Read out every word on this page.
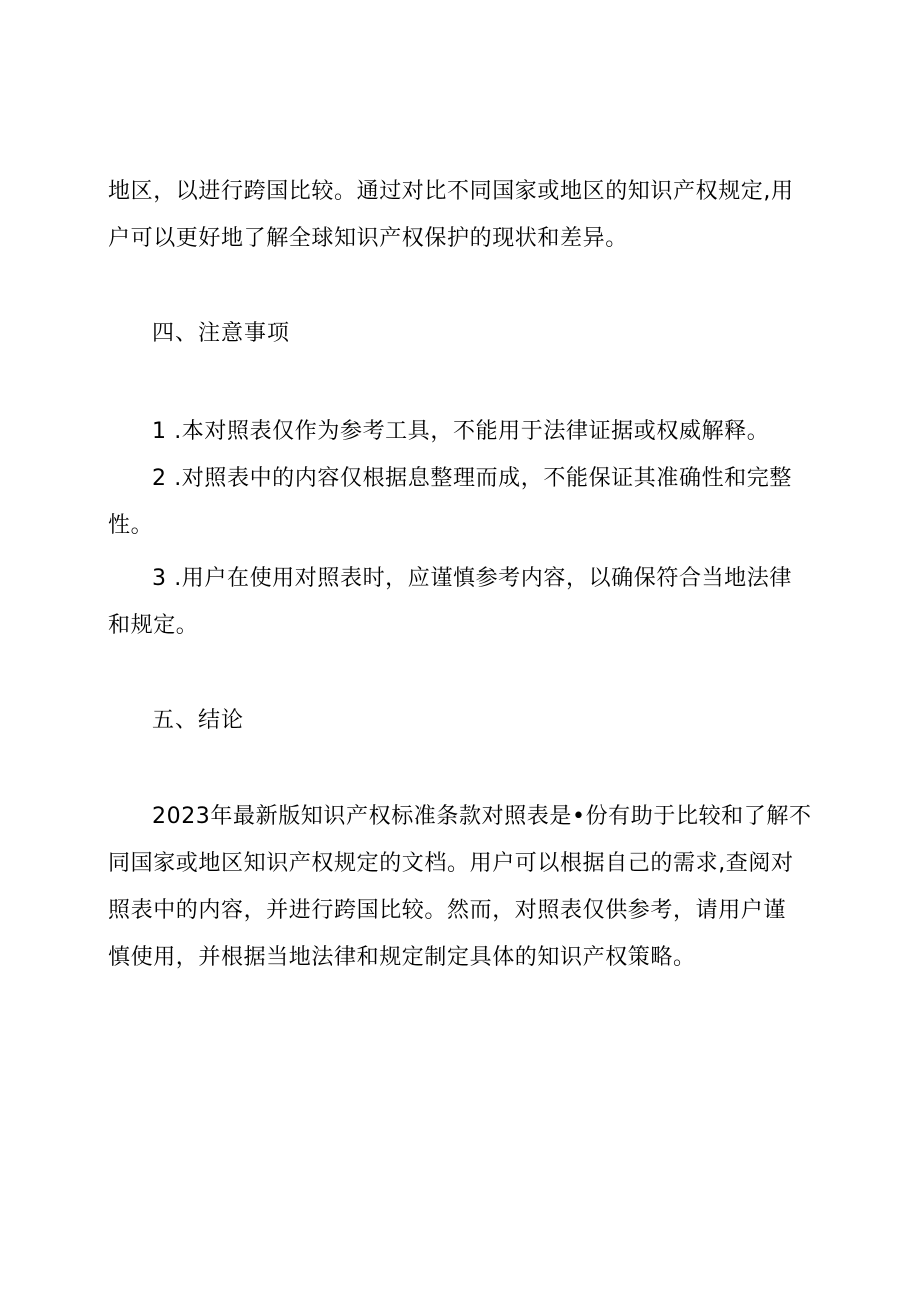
地区，以进行跨国比较。通过对比不同国家或地区的知识产权规定,用
户可以更好地了解全球知识产权保护的现状和差异。

四、注意事项

1 .本对照表仅作为参考工具，不能用于法律证据或权威解释。

2 .对照表中的内容仅根据息整理而成，不能保证其准确性和完整
性。

3 .用户在使用对照表时，应谨慎参考内容，以确保符合当地法律
和规定。

五、结论

2023年最新版知识产权标准条款对照表是•份有助于比较和了解不
同国家或地区知识产权规定的文档。用户可以根据自己的需求,查阅对
照表中的内容，并进行跨国比较。然而，对照表仅供参考，请用户谨
慎使用，并根据当地法律和规定制定具体的知识产权策略。
